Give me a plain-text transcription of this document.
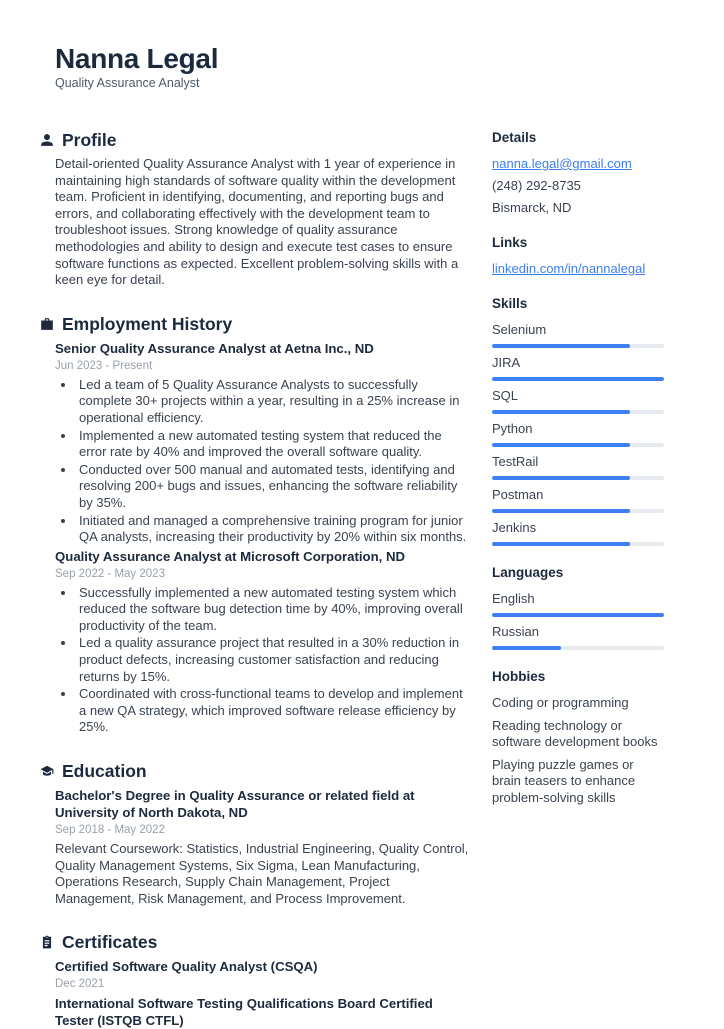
Nanna Legal
Quality Assurance Analyst
Profile

Detail-oriented Quality Assurance Analyst with 1 year of experience in maintaining high standards of software quality within the development team. Proficient in identifying, documenting, and reporting bugs and errors, and collaborating effectively with the development team to troubleshoot issues. Strong knowledge of quality assurance methodologies and ability to design and execute test cases to ensure software functions as expected. Excellent problem-solving skills with a keen eye for detail.

Employment History
Senior Quality Assurance Analyst at Aetna Inc., ND
Jun 2023 - Present
• Led a team of 5 Quality Assurance Analysts to successfully complete 30+ projects within a year, resulting in a 25% increase in operational efficiency.
• Implemented a new automated testing system that reduced the error rate by 40% and improved the overall software quality.
• Conducted over 500 manual and automated tests, identifying and resolving 200+ bugs and issues, enhancing the software reliability by 35%.
• Initiated and managed a comprehensive training program for junior QA analysts, increasing their productivity by 20% within six months.
Quality Assurance Analyst at Microsoft Corporation, ND
Sep 2022 - May 2023
• Successfully implemented a new automated testing system which reduced the software bug detection time by 40%, improving overall productivity of the team.
• Led a quality assurance project that resulted in a 30% reduction in product defects, increasing customer satisfaction and reducing returns by 15%.
• Coordinated with cross-functional teams to develop and implement a new QA strategy, which improved software release efficiency by 25%.
Education
Bachelor's Degree in Quality Assurance or related field at University of North Dakota, ND
Sep 2018 - May 2022

Relevant Coursework: Statistics, Industrial Engineering, Quality Control, Quality Management Systems, Six Sigma, Lean Manufacturing, Operations Research, Supply Chain Management, Project Management, Risk Management, and Process Improvement.

Certificates
Certified Software Quality Analyst (CSQA)
Dec 2021
International Software Testing Qualifications Board Certified Tester (ISTQB CTFL)
Details
nanna.legal@gmail.com
(248) 292-8735
Bismarck, ND
Links
linkedin.com/in/nannalegal
Skills
Selenium
JIRA
SQL
Python
TestRail
Postman
Jenkins
Languages
English
Russian
Hobbies
Coding or programming
Reading technology or software development books
Playing puzzle games or brain teasers to enhance problem-solving skills
